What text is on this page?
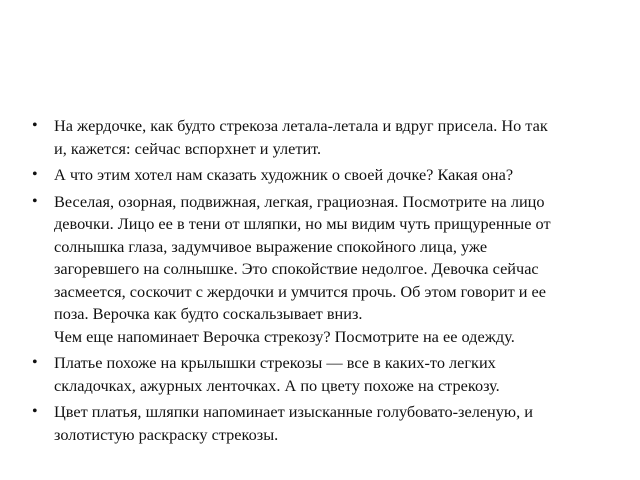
• На жердочке, как будто стрекоза летала-летала и вдруг присела. Но так
и, кажется: сейчас вспорхнет и улетит.
• А что этим хотел нам сказать художник о своей дочке? Какая она?
• Веселая, озорная, подвижная, легкая, грациозная. Посмотрите на лицо
девочки. Лицо ее в тени от шляпки, но мы видим чуть прищуренные от
солнышка глаза, задумчивое выражение спокойного лица, уже
загоревшего на солнышке. Это спокойствие недолгое. Девочка сейчас
засмеется, соскочит с жердочки и умчится прочь. Об этом говорит и ее
поза. Верочка как будто соскальзывает вниз.
Чем еще напоминает Верочка стрекозу? Посмотрите на ее одежду.
• Платье похоже на крылышки стрекозы — все в каких-то легких
складочках, ажурных ленточках. А по цвету похоже на стрекозу.
• Цвет платья, шляпки напоминает изысканные голубовато-зеленую, и
золотистую раскраску стрекозы.
